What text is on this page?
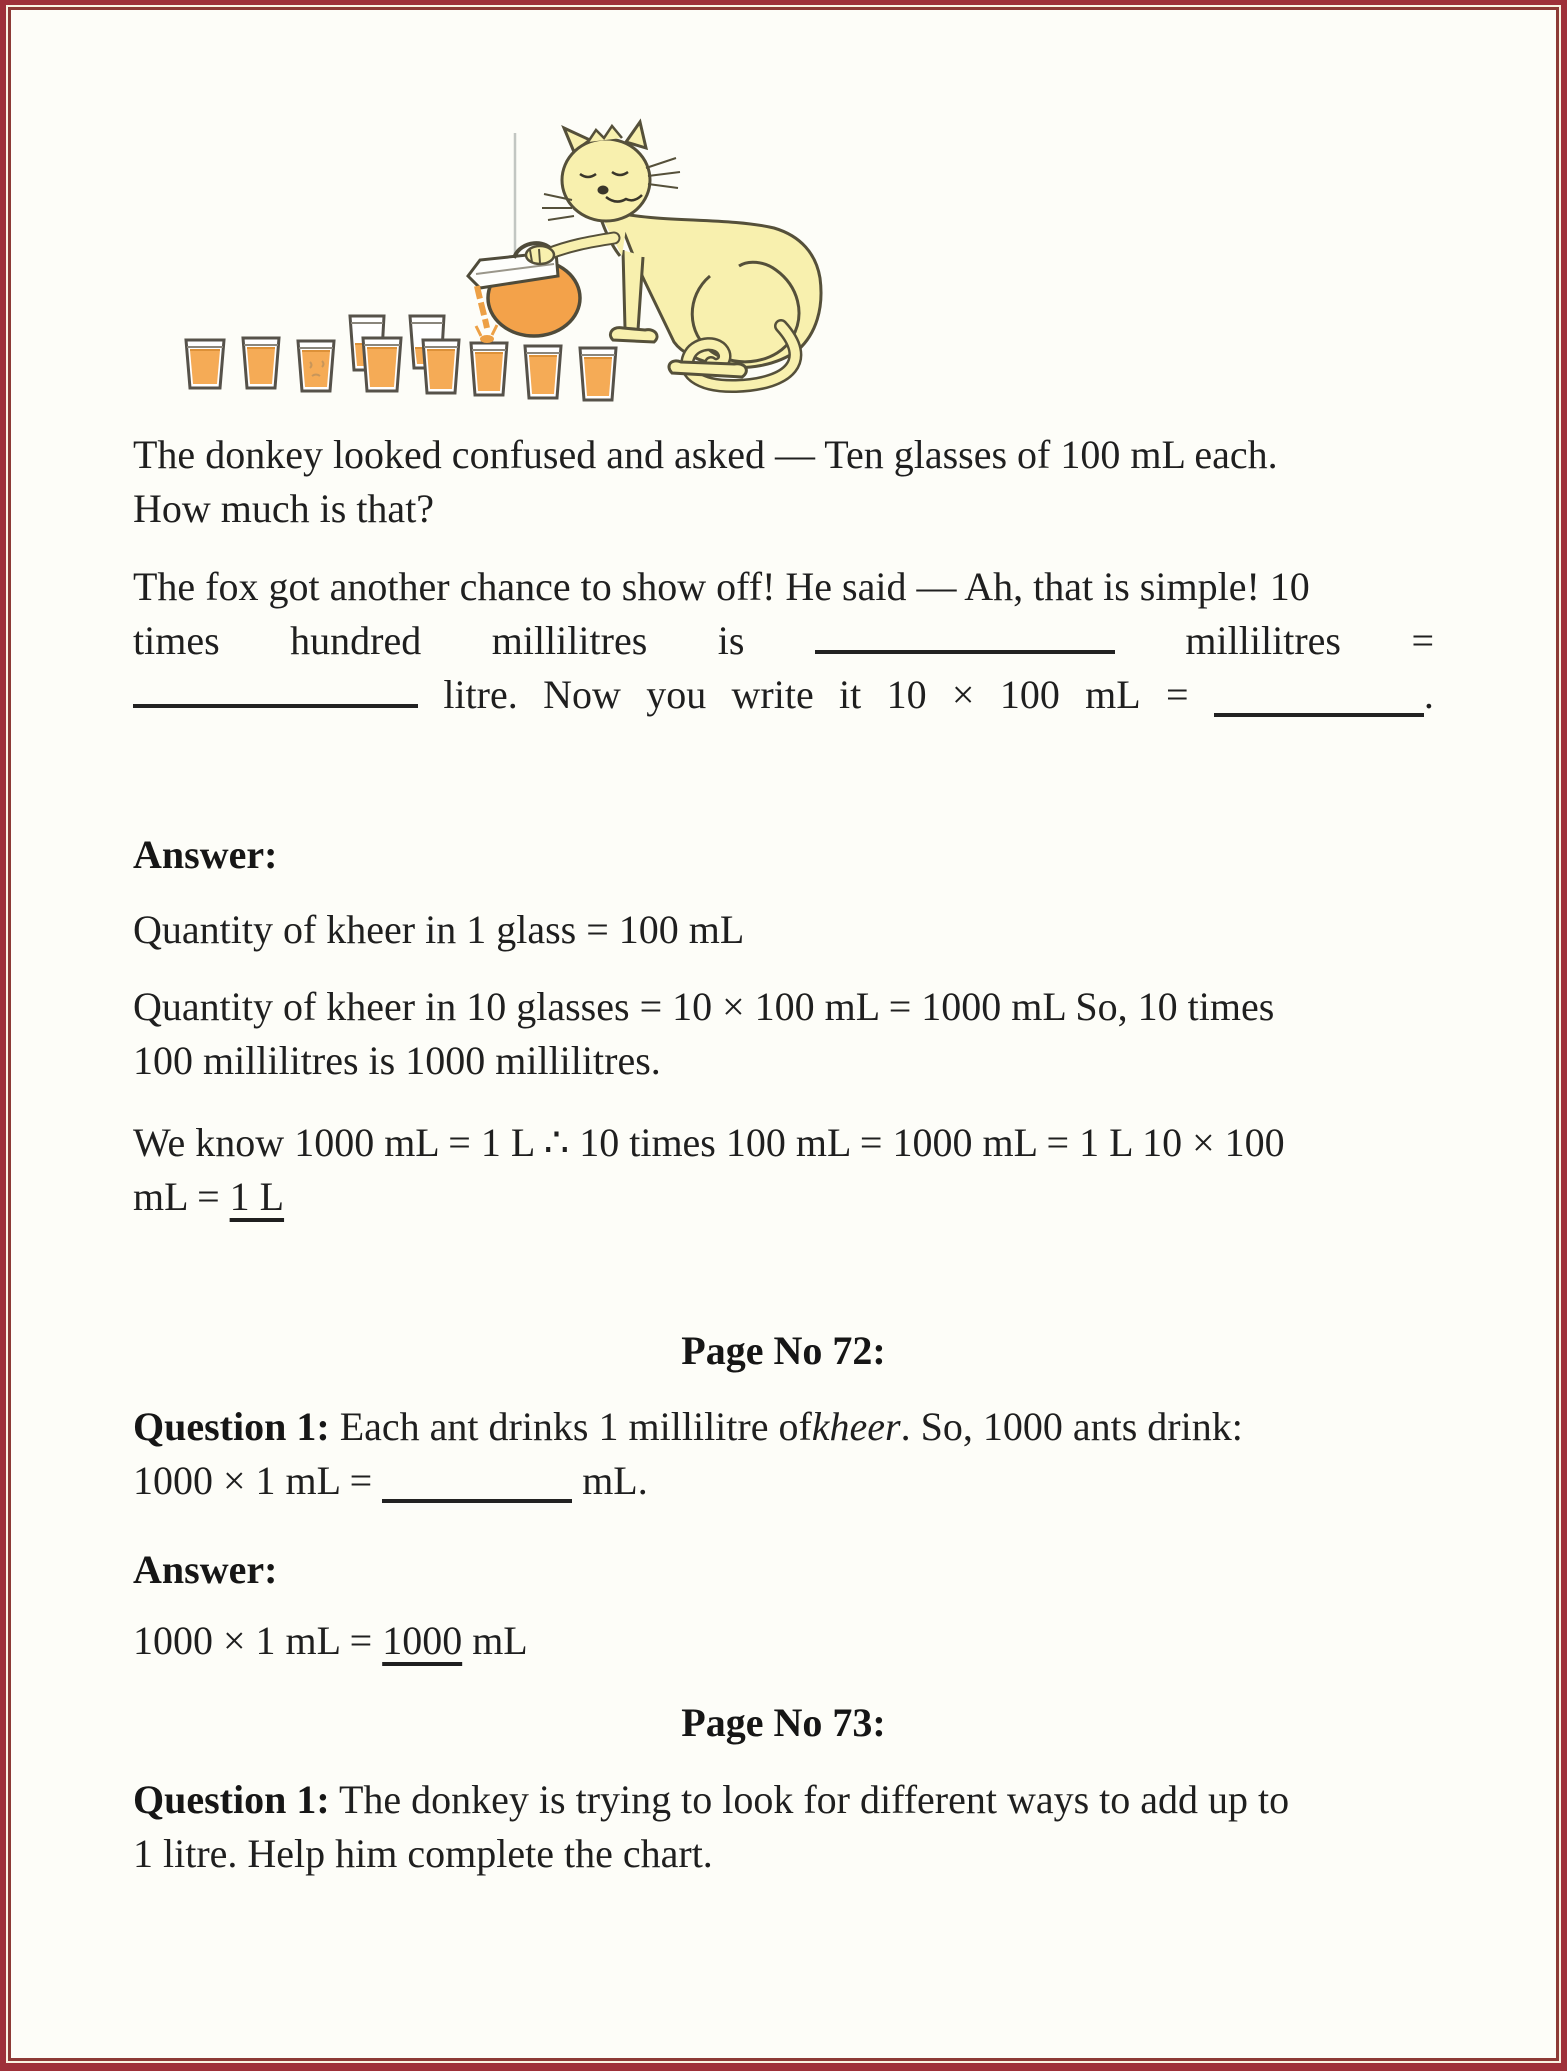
The donkey looked confused and asked — Ten glasses of 100 mL each.
How much is that?
The fox got another chance to show off! He said — Ah, that is simple! 10
times hundred millilitres is	millilitres =
litre. Now you write it 10 × 100 mL =	.
Answer:
Quantity of kheer in 1 glass = 100 mL
Quantity of kheer in 10 glasses = 10 × 100 mL = 1000 mL So, 10 times
100 millilitres is 1000 millilitres.
We know 1000 mL = 1 L ∴ 10 times 100 mL = 1000 mL = 1 L 10 × 100
mL = 1 L
Page No 72:
Question 1: Each ant drinks 1 millilitre ofkheer. So, 1000 ants drink:
1000 × 1 mL =	mL.
Answer:
1000 × 1 mL = 1000 mL
Page No 73:
Question 1: The donkey is trying to look for different ways to add up to
1 litre. Help him complete the chart.
